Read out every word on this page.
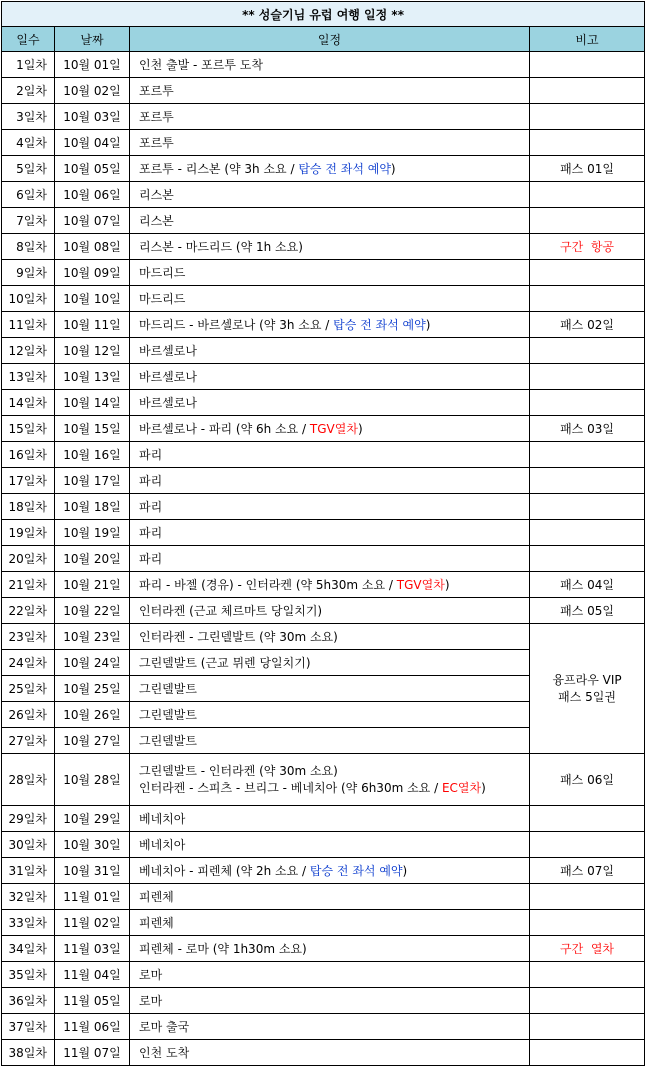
** 성슬기님 유럽 여행 일정 **			
일수	날짜	일정	비고
1일차	10월 01일	인천 출발 - 포르투 도착	
2일차	10월 02일	포르투	
3일차	10월 03일	포르투	
4일차	10월 04일	포르투	
5일차	10월 05일	포르투 - 리스본 (약 3h 소요 / 탑승 전 좌석 예약)	패스 01일
6일차	10월 06일	리스본	
7일차	10월 07일	리스본	
8일차	10월 08일	리스본 - 마드리드 (약 1h 소요)	구간  항공
9일차	10월 09일	마드리드	
10일차	10월 10일	마드리드	
11일차	10월 11일	마드리드 - 바르셀로나 (약 3h 소요 / 탑승 전 좌석 예약)	패스 02일
12일차	10월 12일	바르셀로나	
13일차	10월 13일	바르셀로나	
14일차	10월 14일	바르셀로나	
15일차	10월 15일	바르셀로나 - 파리 (약 6h 소요 / TGV열차)	패스 03일
16일차	10월 16일	파리	
17일차	10월 17일	파리	
18일차	10월 18일	파리	
19일차	10월 19일	파리	
20일차	10월 20일	파리	
21일차	10월 21일	파리 - 바젤 (경유) - 인터라켄 (약 5h30m 소요 / TGV열차)	패스 04일
22일차	10월 22일	인터라켄 (근교 체르마트 당일치기)	패스 05일
23일차	10월 23일	인터라켄 - 그린델발트 (약 30m 소요)	융프라우 VIP패스 5일권
24일차	10월 24일	그린델발트 (근교 뮈렌 당일치기)	
25일차	10월 25일	그린델발트	
26일차	10월 26일	그린델발트	
27일차	10월 27일	그린델발트	
28일차	10월 28일	그린델발트 - 인터라켄 (약 30m 소요)
인터라켄 - 스피츠 - 브리그 - 베네치아 (약 6h30m 소요 / EC열차)	패스 06일
29일차	10월 29일	베네치아	
30일차	10월 30일	베네치아	
31일차	10월 31일	베네치아 - 피렌체 (약 2h 소요 / 탑승 전 좌석 예약)	패스 07일
32일차	11월 01일	피렌체	
33일차	11월 02일	피렌체	
34일차	11월 03일	피렌체 - 로마 (약 1h30m 소요)	구간  열차
35일차	11월 04일	로마	
36일차	11월 05일	로마	
37일차	11월 06일	로마 출국	
38일차	11월 07일	인천 도착	
